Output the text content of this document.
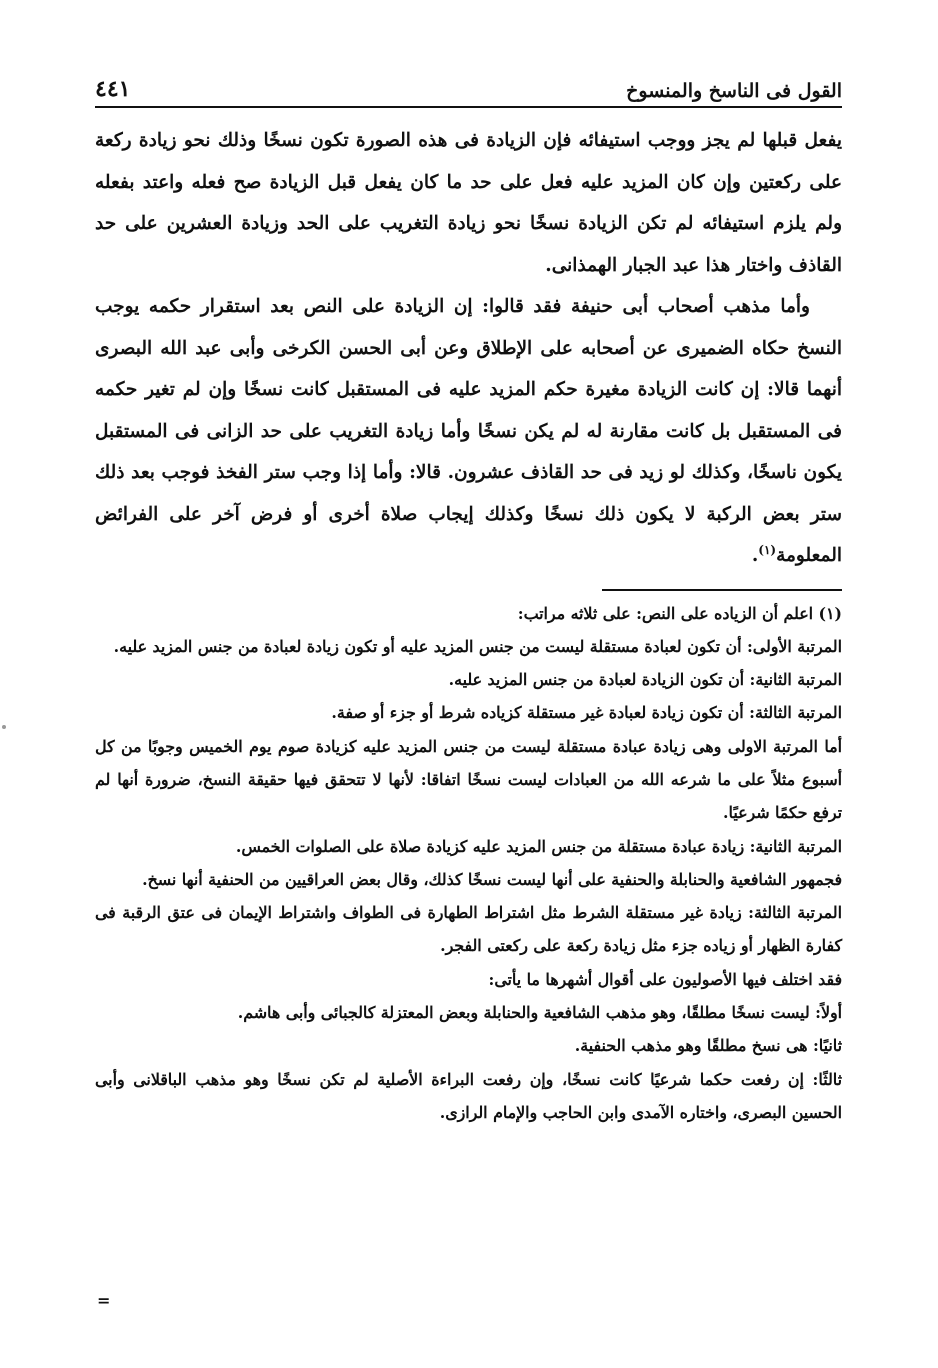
القول فى الناسخ والمنسوخ
٤٤١

يفعل قبلها لم يجز ووجب استيفائه فإن الزيادة فى هذه الصورة تكون نسخًا وذلك نحو زيادة ركعة على ركعتين وإن كان المزيد عليه فعل على حد ما كان يفعل قبل الزيادة صح فعله واعتد بفعله ولم يلزم استيفائه لم تكن الزيادة نسخًا نحو زيادة التغريب على الحد وزيادة العشرين على حد القاذف واختار هذا عبد الجبار الهمذانى.

وأما مذهب أصحاب أبى حنيفة فقد قالوا: إن الزيادة على النص بعد استقرار حكمه يوجب النسخ حكاه الضميرى عن أصحابه على الإطلاق وعن أبى الحسن الكرخى وأبى عبد الله البصرى أنهما قالا: إن كانت الزيادة مغيرة حكم المزيد عليه فى المستقبل كانت نسخًا وإن لم تغير حكمه فى المستقبل بل كانت مقارنة له لم يكن نسخًا وأما زيادة التغريب على حد الزانى فى المستقبل يكون ناسخًا، وكذلك لو زيد فى حد القاذف عشرون. قالا: وأما إذا وجب ستر الفخذ فوجب بعد ذلك ستر بعض الركبة لا يكون ذلك نسخًا وكذلك إيجاب صلاة أخرى أو فرض آخر على الفرائض المعلومة$^{(١)}$.

(١) اعلم أن الزياده على النص: على ثلاثه مراتب:

المرتبة الأولى: أن تكون لعبادة مستقلة ليست من جنس المزيد عليه أو تكون زيادة لعبادة من جنس المزيد عليه.

المرتبة الثانية: أن تكون الزيادة لعبادة من جنس المزيد عليه.

المرتبة الثالثة: أن تكون زيادة لعبادة غير مستقلة كزياده شرط أو جزء أو صفة.

أما المرتبة الاولى وهى زيادة عبادة مستقلة ليست من جنس المزيد عليه كزيادة صوم يوم الخميس وجوبًا من كل أسبوع مثلاً على ما شرعه الله من العبادات ليست نسخًا اتفاقا: لأنها لا تتحقق فيها حقيقة النسخ، ضرورة أنها لم ترفع حكمًا شرعيًا.

المرتبة الثانية: زيادة عبادة مستقلة من جنس المزيد عليه كزيادة صلاة على الصلوات الخمس.

فجمهور الشافعية والحنابلة والحنفية على أنها ليست نسخًا كذلك، وقال بعض العراقيين من الحنفية أنها نسخ.

المرتبة الثالثة: زيادة غير مستقلة الشرط مثل اشتراط الطهارة فى الطواف واشتراط الإيمان فى عتق الرقبة فى كفارة الظهار أو زياده جزء مثل زيادة ركعة على ركعتى الفجر.

فقد اختلف فيها الأصوليون على أقوال أشهرها ما يأتى:

أولاً: ليست نسخًا مطلقًا، وهو مذهب الشافعية والحنابلة وبعض المعتزلة كالجبائى وأبى هاشم.

ثانيًا: هى نسخ مطلقًا وهو مذهب الحنفية.

ثالثًا: إن رفعت حكما شرعيًا كانت نسخًا، وإن رفعت البراءة الأصلية لم تكن نسخًا وهو مذهب الباقلانى وأبى الحسين البصرى، واختاره الآمدى وابن الحاجب والإمام الرازى.

=
